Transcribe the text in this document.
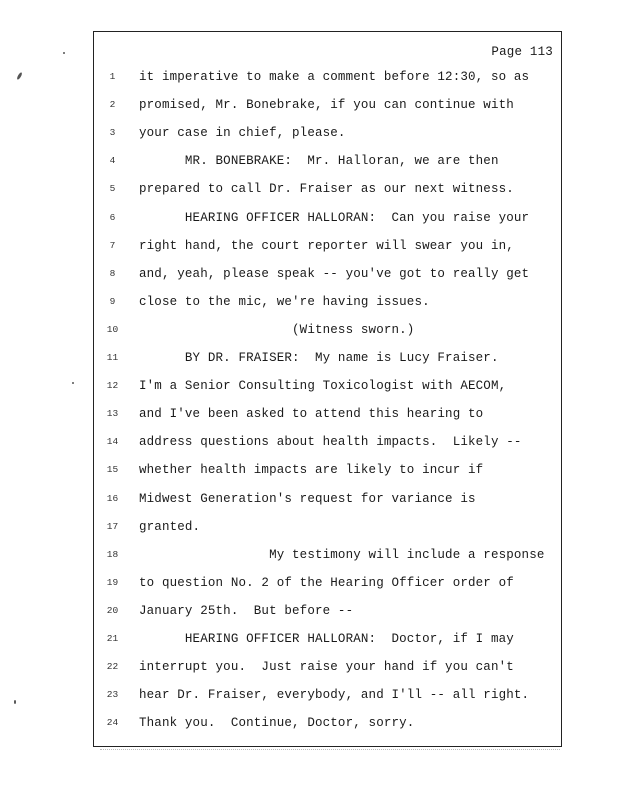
Page 113
1	it imperative to make a comment before 12:30, so as
2	promised, Mr. Bonebrake, if you can continue with
3	your case in chief, please.
4	MR. BONEBRAKE:  Mr. Halloran, we are then
5	prepared to call Dr. Fraiser as our next witness.
6	HEARING OFFICER HALLORAN:  Can you raise your
7	right hand, the court reporter will swear you in,
8	and, yeah, please speak -- you've got to really get
9	close to the mic, we're having issues.
10	(Witness sworn.)
11	BY DR. FRAISER:  My name is Lucy Fraiser.
12	I'm a Senior Consulting Toxicologist with AECOM,
13	and I've been asked to attend this hearing to
14	address questions about health impacts.  Likely --
15	whether health impacts are likely to incur if
16	Midwest Generation's request for variance is
17	granted.
18	My testimony will include a response
19	to question No. 2 of the Hearing Officer order of
20	January 25th.  But before --
21	HEARING OFFICER HALLORAN:  Doctor, if I may
22	interrupt you.  Just raise your hand if you can't
23	hear Dr. Fraiser, everybody, and I'll -- all right.
24	Thank you.  Continue, Doctor, sorry.
